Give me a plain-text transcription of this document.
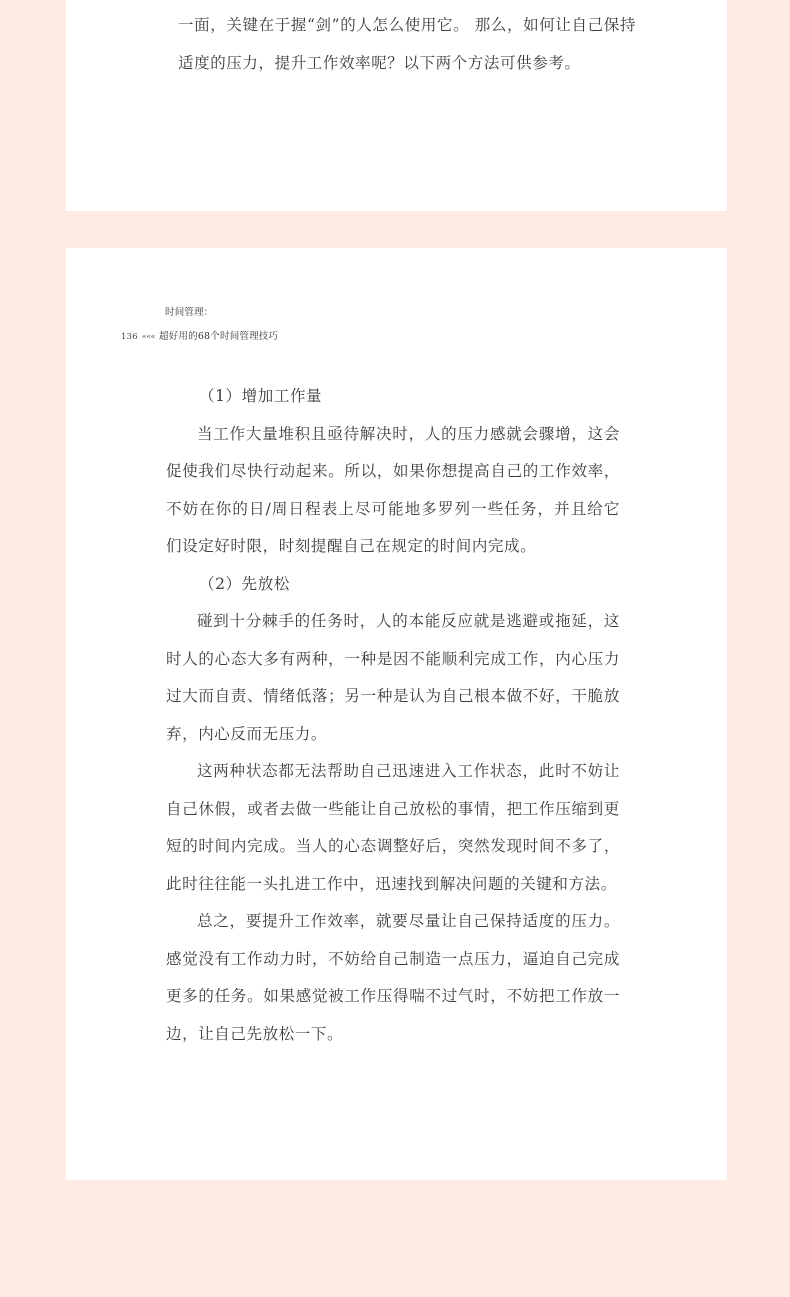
一面，关键在于握“剑”的人怎么使用它。 那么，如何让自己保持适度的压力，提升工作效率呢？以下两个方法可供参考。

时间管理：
136 ««« 超好用的68个时间管理技巧

（1）增加工作量

当工作大量堆积且亟待解决时，人的压力感就会骤增，这会促使我们尽快行动起来。所以，如果你想提高自己的工作效率，不妨在你的日/周日程表上尽可能地多罗列一些任务，并且给它们设定好时限，时刻提醒自己在规定的时间内完成。

（2）先放松

碰到十分棘手的任务时，人的本能反应就是逃避或拖延，这时人的心态大多有两种，一种是因不能顺利完成工作，内心压力过大而自责、情绪低落；另一种是认为自己根本做不好，干脆放弃，内心反而无压力。

这两种状态都无法帮助自己迅速进入工作状态，此时不妨让自己休假，或者去做一些能让自己放松的事情，把工作压缩到更短的时间内完成。当人的心态调整好后，突然发现时间不多了，此时往往能一头扎进工作中，迅速找到解决问题的关键和方法。

总之，要提升工作效率，就要尽量让自己保持适度的压力。感觉没有工作动力时，不妨给自己制造一点压力，逼迫自己完成更多的任务。如果感觉被工作压得喘不过气时，不妨把工作放一边，让自己先放松一下。
